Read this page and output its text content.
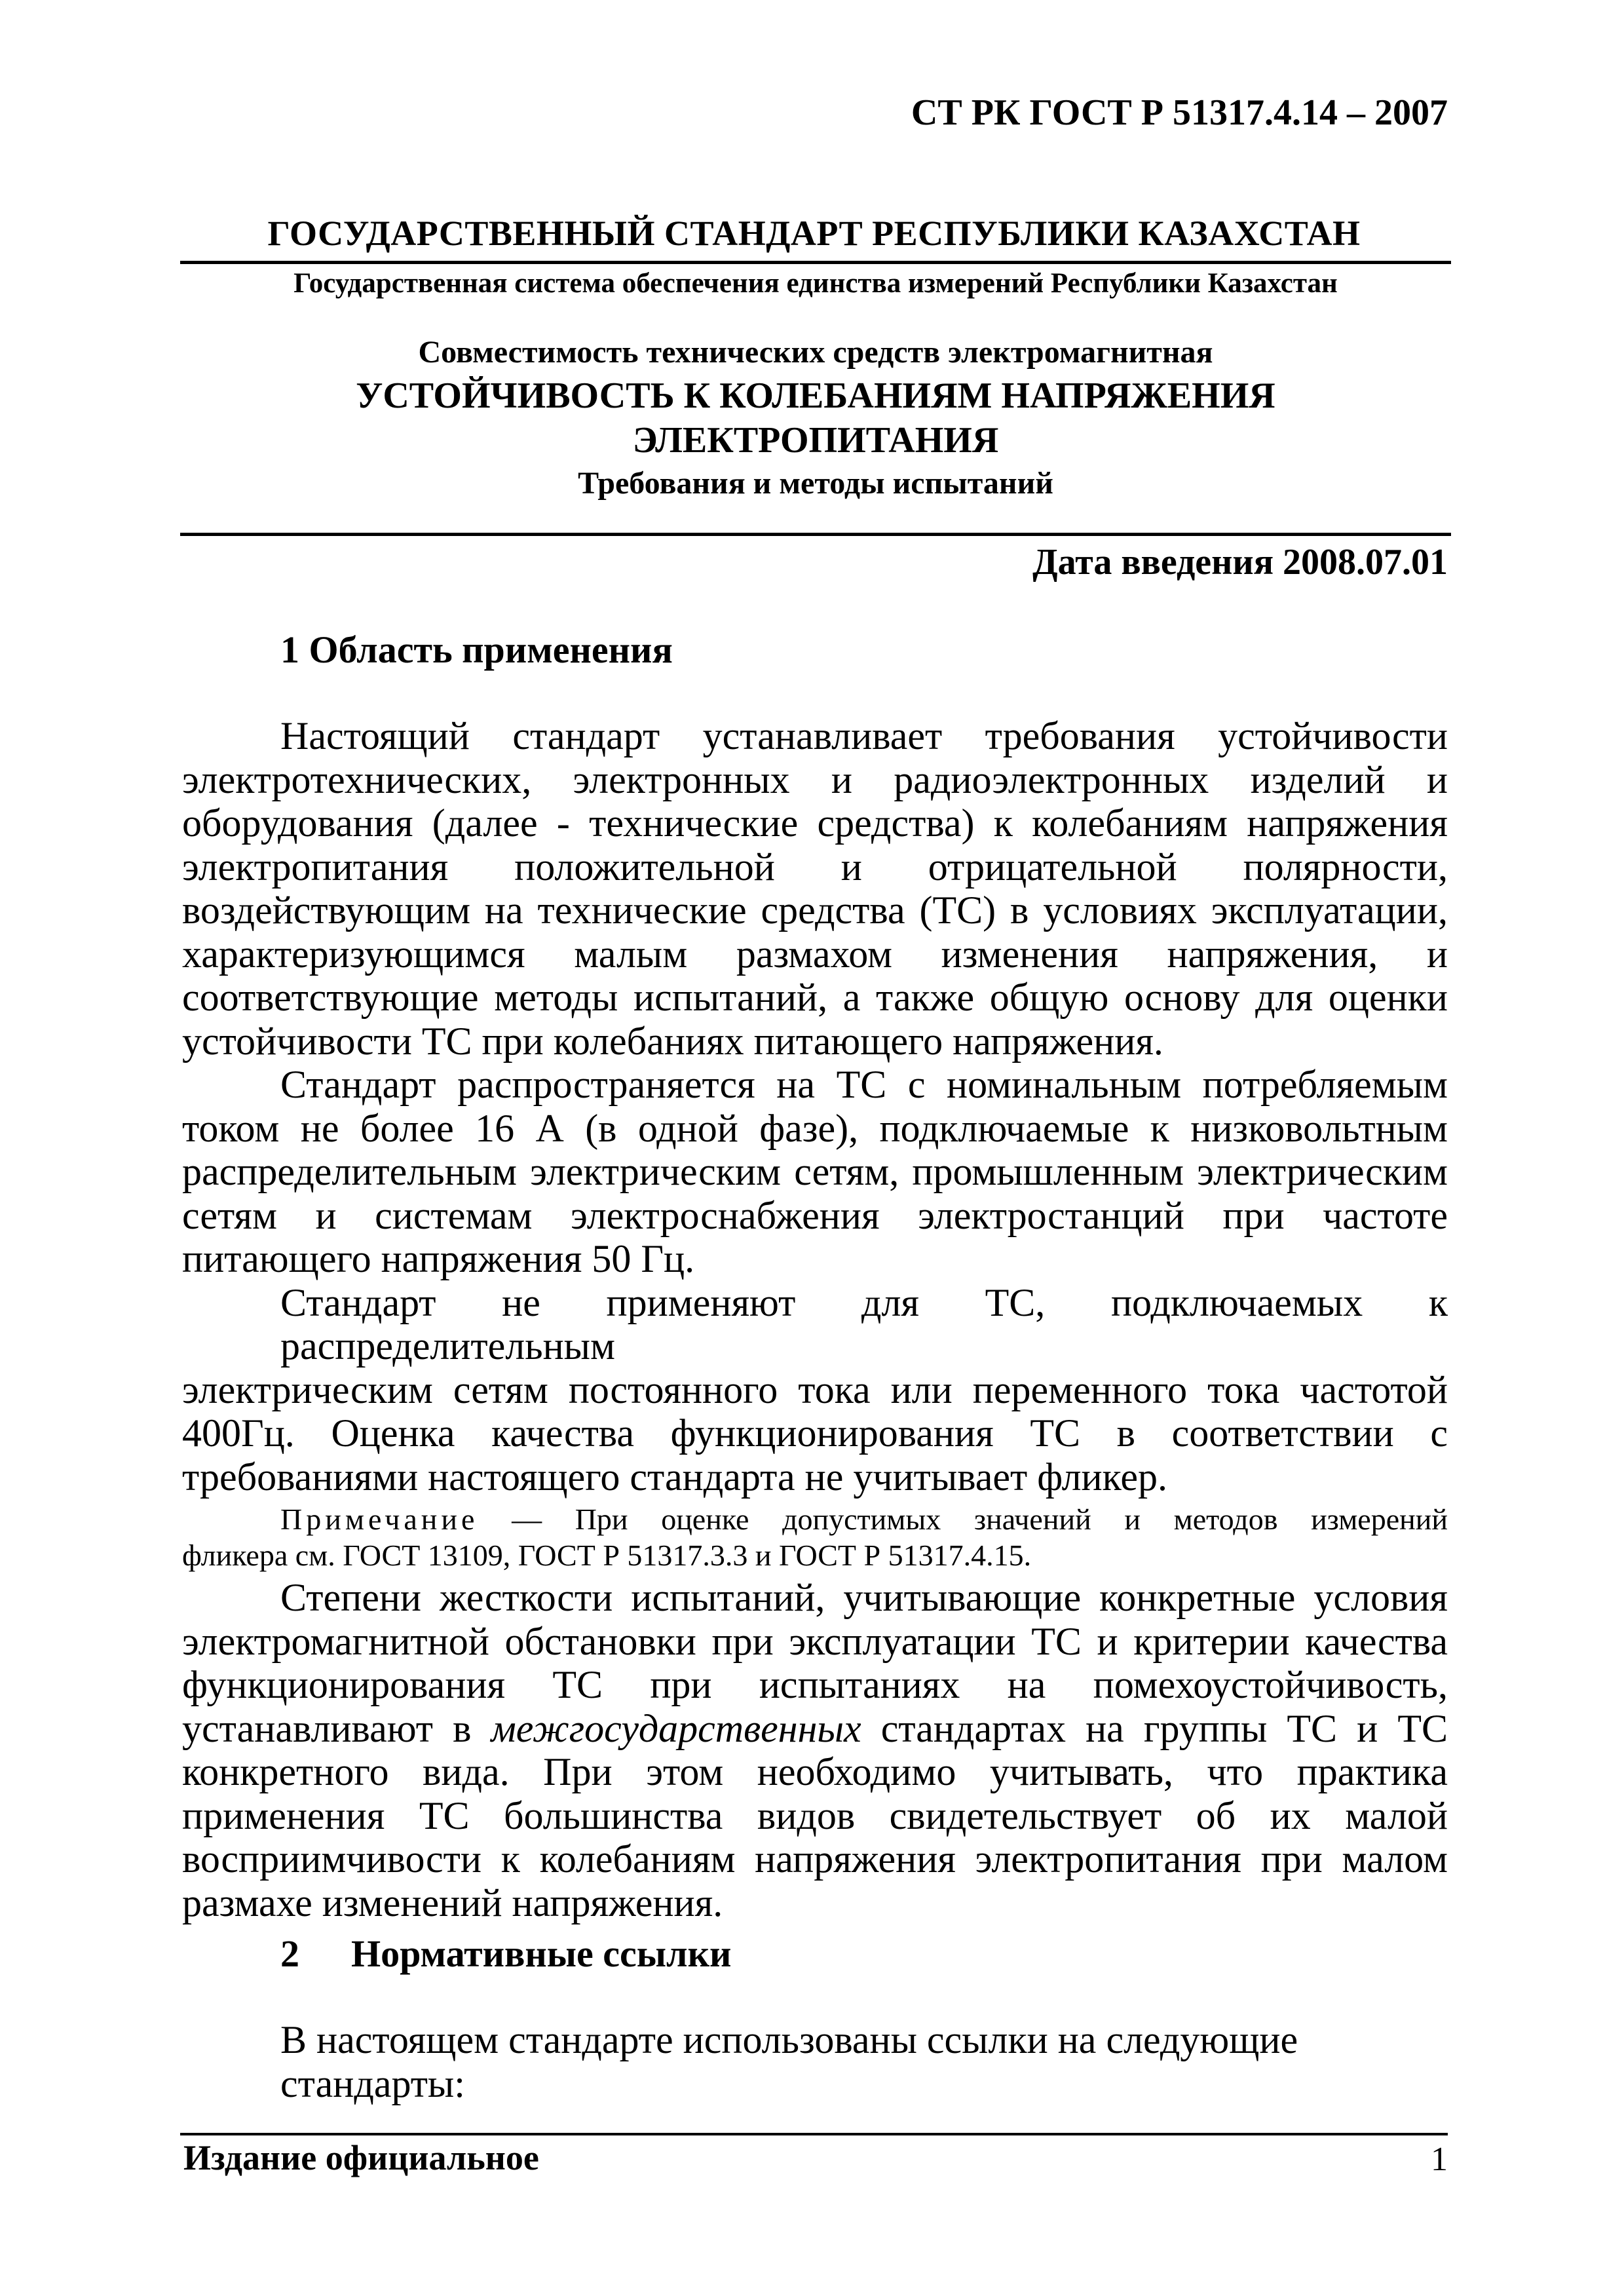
СТ РК ГОСТ Р 51317.4.14 – 2007
ГОСУДАРСТВЕННЫЙ СТАНДАРТ РЕСПУБЛИКИ КАЗАХСТАН
Государственная система обеспечения единства измерений Республики Казахстан
Совместимость технических средств электромагнитная
УСТОЙЧИВОСТЬ К КОЛЕБАНИЯМ НАПРЯЖЕНИЯ
ЭЛЕКТРОПИТАНИЯ
Требования и методы испытаний
Дата введения 2008.07.01
1 Область применения

Настоящий стандарт устанавливает требования устойчивости

электротехнических, электронных и радиоэлектронных изделий и

оборудования (далее - технические средства) к колебаниям напряжения

электропитания положительной и отрицательной полярности,

воздействующим на технические средства (ТС) в условиях эксплуатации,

характеризующимся малым размахом изменения напряжения, и

соответствующие методы испытаний, а также общую основу для оценки

устойчивости ТС при колебаниях питающего напряжения.

Стандарт распространяется на ТС с номинальным потребляемым

током не более 16 А (в одной фазе), подключаемые к низковольтным

распределительным электрическим сетям, промышленным электрическим

сетям и системам электроснабжения электростанций при частоте

питающего напряжения 50 Гц.

Стандарт не применяют для ТС, подключаемых к распределительным

электрическим сетям постоянного тока или переменного тока частотой

400Гц. Оценка качества функционирования ТС в соответствии с

требованиями настоящего стандарта не учитывает фликер.

Примечание — При оценке допустимых значений и методов измерений

фликера см. ГОСТ 13109, ГОСТ Р 51317.3.3 и ГОСТ Р 51317.4.15.

Степени жесткости испытаний, учитывающие конкретные условия

электромагнитной обстановки при эксплуатации ТС и критерии качества

функционирования ТС при испытаниях на помехоустойчивость,

устанавливают в межгосударственных стандартах на группы ТС и ТС

конкретного вида. При этом необходимо учитывать, что практика

применения ТС большинства видов свидетельствует об их малой

восприимчивости к колебаниям напряжения электропитания при малом

размахе изменений напряжения.

2 Нормативные ссылки
В настоящем стандарте использованы ссылки на следующие стандарты:
Издание официальное	1
